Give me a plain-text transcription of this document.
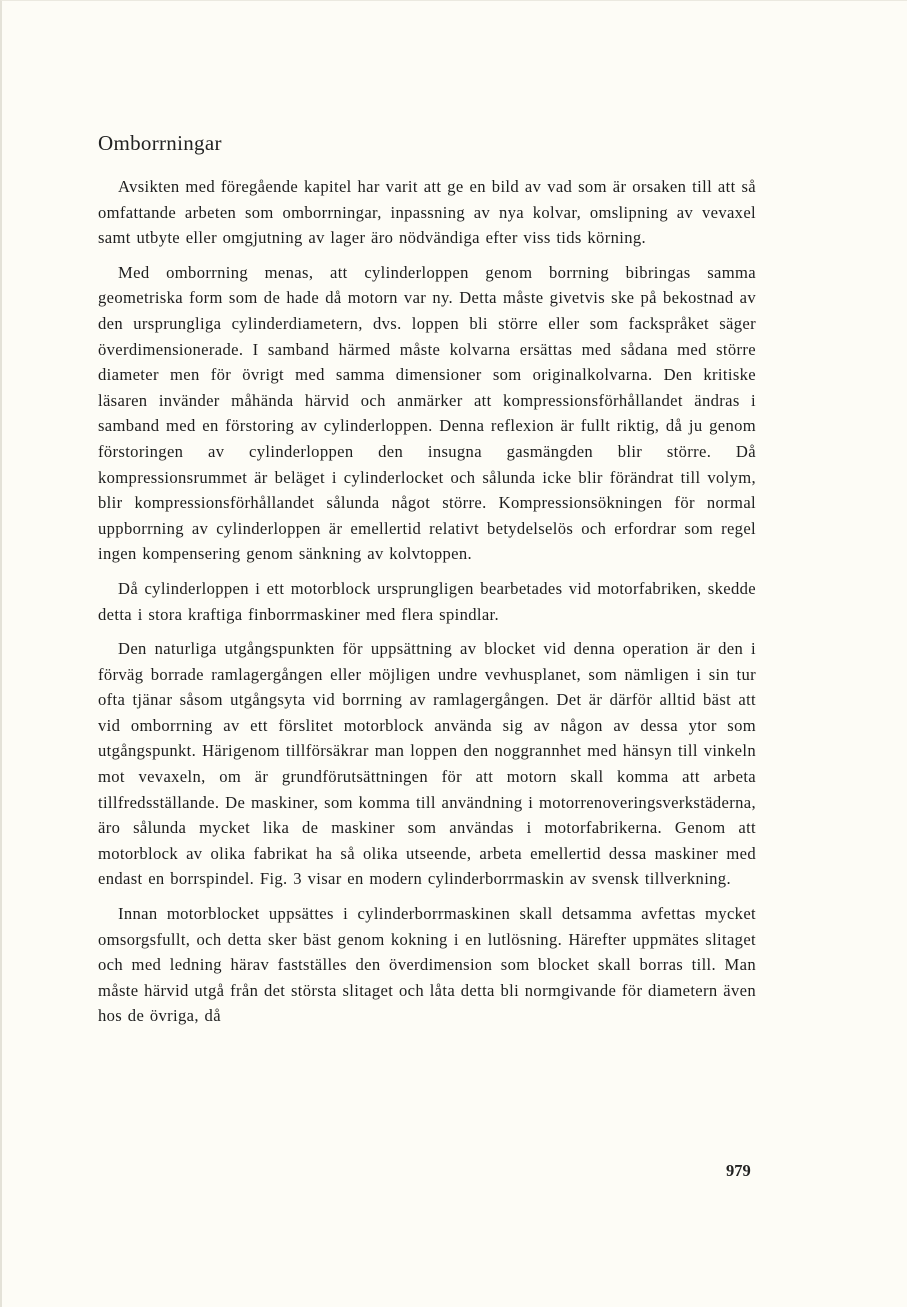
Omborrningar

Avsikten med föregående kapitel har varit att ge en bild av vad som är orsaken till att så omfattande arbeten som omborrningar, inpassning av nya kolvar, omslipning av vevaxel samt utbyte eller omgjutning av lager äro nödvändiga efter viss tids körning.

Med omborrning menas, att cylinderloppen genom borrning bibringas samma geometriska form som de hade då motorn var ny. Detta måste givetvis ske på bekostnad av den ursprungliga cylinderdiametern, dvs. loppen bli större eller som fackspråket säger överdimensionerade. I samband härmed måste kolvarna ersättas med sådana med större diameter men för övrigt med samma dimensioner som originalkolvarna. Den kritiske läsaren invänder måhända härvid och anmärker att kompressionsförhållandet ändras i samband med en förstoring av cylinderloppen. Denna reflexion är fullt riktig, då ju genom förstoringen av cylinderloppen den insugna gasmängden blir större. Då kompressionsrummet är beläget i cylinderlocket och sålunda icke blir förändrat till volym, blir kompressionsförhållandet sålunda något större. Kompressionsökningen för normal uppborrning av cylinderloppen är emellertid relativt betydelselös och erfordrar som regel ingen kompensering genom sänkning av kolvtoppen.

Då cylinderloppen i ett motorblock ursprungligen bearbetades vid motorfabriken, skedde detta i stora kraftiga finborrmaskiner med flera spindlar.

Den naturliga utgångspunkten för uppsättning av blocket vid denna operation är den i förväg borrade ramlagergången eller möjligen undre vevhusplanet, som nämligen i sin tur ofta tjänar såsom utgångsyta vid borrning av ramlagergången. Det är därför alltid bäst att vid omborrning av ett förslitet motorblock använda sig av någon av dessa ytor som utgångspunkt. Härigenom tillförsäkrar man loppen den noggrannhet med hänsyn till vinkeln mot vevaxeln, om är grundförutsättningen för att motorn skall komma att arbeta tillfredsställande. De maskiner, som komma till användning i motorrenoveringsverkstäderna, äro sålunda mycket lika de maskiner som användas i motorfabrikerna. Genom att motorblock av olika fabrikat ha så olika utseende, arbeta emellertid dessa maskiner med endast en borrspindel. Fig. 3 visar en modern cylinderborrmaskin av svensk tillverkning.

Innan motorblocket uppsättes i cylinderborrmaskinen skall detsamma avfettas mycket omsorgsfullt, och detta sker bäst genom kokning i en lutlösning. Härefter uppmätes slitaget och med ledning härav fastställes den överdimension som blocket skall borras till. Man måste härvid utgå från det största slitaget och låta detta bli normgivande för diametern även hos de övriga, då

979
